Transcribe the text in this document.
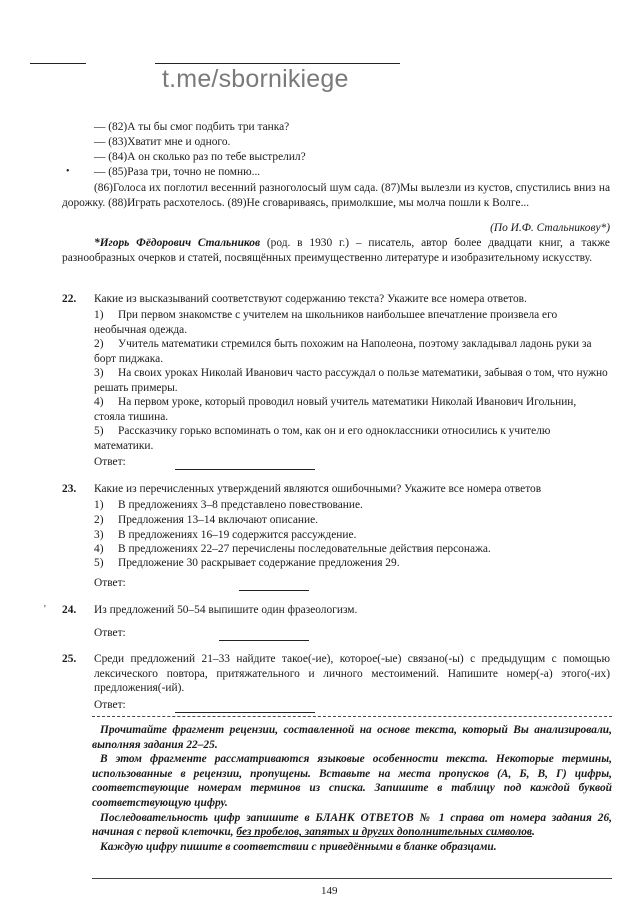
t.me/sbornikiege
— (82)А ты бы смог подбить три танка?
— (83)Хватит мне и одного.
— (84)А он сколько раз по тебе выстрелил?
• — (85)Раза три, точно не помню...
(86)Голоса их поглотил весенний разноголосый шум сада. (87)Мы вылезли из кустов, спустились вниз на дорожку. (88)Играть расхотелось. (89)Не сговариваясь, примолкшие, мы молча пошли к Волге...
(По И.Ф. Стальникову*)
*Игорь Фёдорович Стальников (род. в 1930 г.) – писатель, автор более двадцати книг, а также разнообразных очерков и статей, посвящённых преимущественно литературе и изобразительному искусству.
22. Какие из высказываний соответствуют содержанию текста? Укажите все номера ответов.
1) При первом знакомстве с учителем на школьников наибольшее впечатление произвела его необычная одежда.
2) Учитель математики стремился быть похожим на Наполеона, поэтому закладывал ладонь руки за борт пиджака.
3) На своих уроках Николай Иванович часто рассуждал о пользе математики, забывая о том, что нужно решать примеры.
4) На первом уроке, который проводил новый учитель математики Николай Иванович Игольнин, стояла тишина.
5) Рассказчику горько вспоминать о том, как он и его одноклассники относились к учителю математики.
Ответ:
23. Какие из перечисленных утверждений являются ошибочными? Укажите все номера ответов
1) В предложениях 3–8 представлено повествование.
2) Предложения 13–14 включают описание.
3) В предложениях 16–19 содержится рассуждение.
4) В предложениях 22–27 перечислены последовательные действия персонажа.
5) Предложение 30 раскрывает содержание предложения 29.
Ответ:
' 24. Из предложений 50–54 выпишите один фразеологизм.
Ответ:
25. Среди предложений 21–33 найдите такое(-ие), которое(-ые) связано(-ы) с предыдущим с помощью лексического повтора, притяжательного и личного местоимений. Напишите номер(-а) этого(-их) предложения(-ий).
Ответ:

Прочитайте фрагмент рецензии, составленной на основе текста, который Вы анализировали, выполняя задания 22–25.

В этом фрагменте рассматриваются языковые особенности текста. Некоторые термины, использованные в рецензии, пропущены. Вставьте на места пропусков (А, Б, В, Г) цифры, соответствующие номерам терминов из списка. Запишите в таблицу под каждой буквой соответствующую цифру.

Последовательность цифр запишите в БЛАНК ОТВЕТОВ № 1 справа от номера задания 26, начиная с первой клеточки, без пробелов, запятых и других дополнительных символов.

Каждую цифру пишите в соответствии с приведёнными в бланке образцами.

149
